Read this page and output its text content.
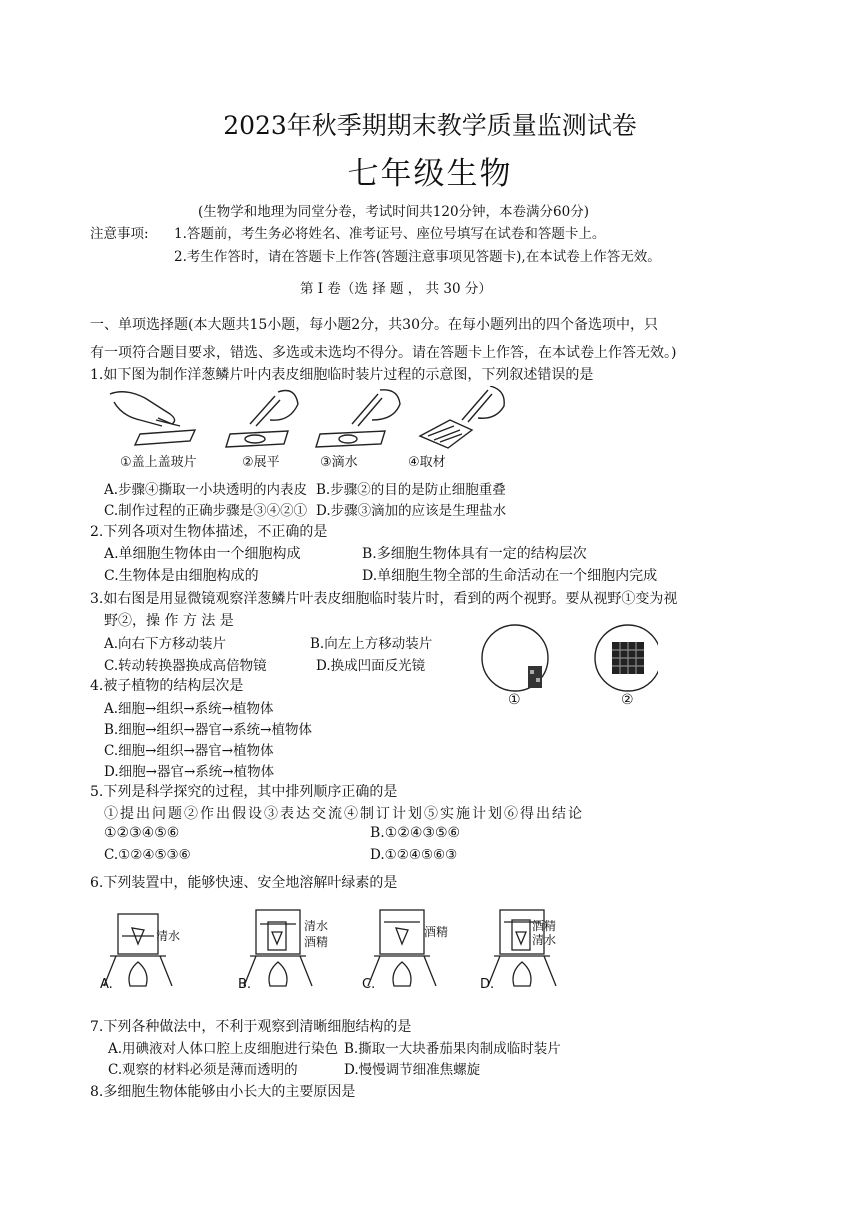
2023年秋季期期末教学质量监测试卷
七年级生物
(生物学和地理为同堂分卷，考试时间共120分钟，本卷满分60分)
注意事项: 1.答题前，考生务必将姓名、准考证号、座位号填写在试卷和答题卡上。
2.考生作答时，请在答题卡上作答(答题注意事项见答题卡),在本试卷上作答无效。
第 I 卷（选 择 题 ， 共 30 分）
一、单项选择题(本大题共15小题，每小题2分，共30分。在每小题列出的四个备选项中，只
有一项符合题目要求，错选、多选或未选均不得分。请在答题卡上作答，在本试卷上作答无效。)
1.如下图为制作洋葱鳞片叶内表皮细胞临时装片过程的示意图，下列叙述错误的是
①盖上盖玻片	②展平	③滴水	④取材
A.步骤④撕取一小块透明的内表皮 B.步骤②的目的是防止细胞重叠
C.制作过程的正确步骤是③④②① D.步骤③滴加的应该是生理盐水
2.下列各项对生物体描述，不正确的是
A.单细胞生物体由一个细胞构成	B.多细胞生物体具有一定的结构层次
C.生物体是由细胞构成的	D.单细胞生物全部的生命活动在一个细胞内完成
3.如右图是用显微镜观察洋葱鳞片叶表皮细胞临时装片时，看到的两个视野。要从视野①变为视
野②，操 作 方 法 是
A.向右下方移动装片	B.向左上方移动装片
C.转动转换器换成高倍物镜	D.换成凹面反光镜
①	②
4.被子植物的结构层次是
A.细胞→组织→系统→植物体
B.细胞→组织→器官→系统→植物体
C.细胞→组织→器官→植物体
D.细胞→器官→系统→植物体
5.下列是科学探究的过程，其中排列顺序正确的是
①提出问题②作出假设③表达交流④制订计划⑤实施计划⑥得出结论
①②③④⑤⑥	B.①②④③⑤⑥
C.①②④⑤③⑥	D.①②④⑤⑥③
6.下列装置中，能够快速、安全地溶解叶绿素的是
清水
A.
清水
酒精
B.
酒精
C.
酒精
清水
D.
7.下列各种做法中，不利于观察到清晰细胞结构的是
A.用碘液对人体口腔上皮细胞进行染色 B.撕取一大块番茄果肉制成临时装片
C.观察的材料必须是薄而透明的	D.慢慢调节细准焦螺旋
8.多细胞生物体能够由小长大的主要原因是
